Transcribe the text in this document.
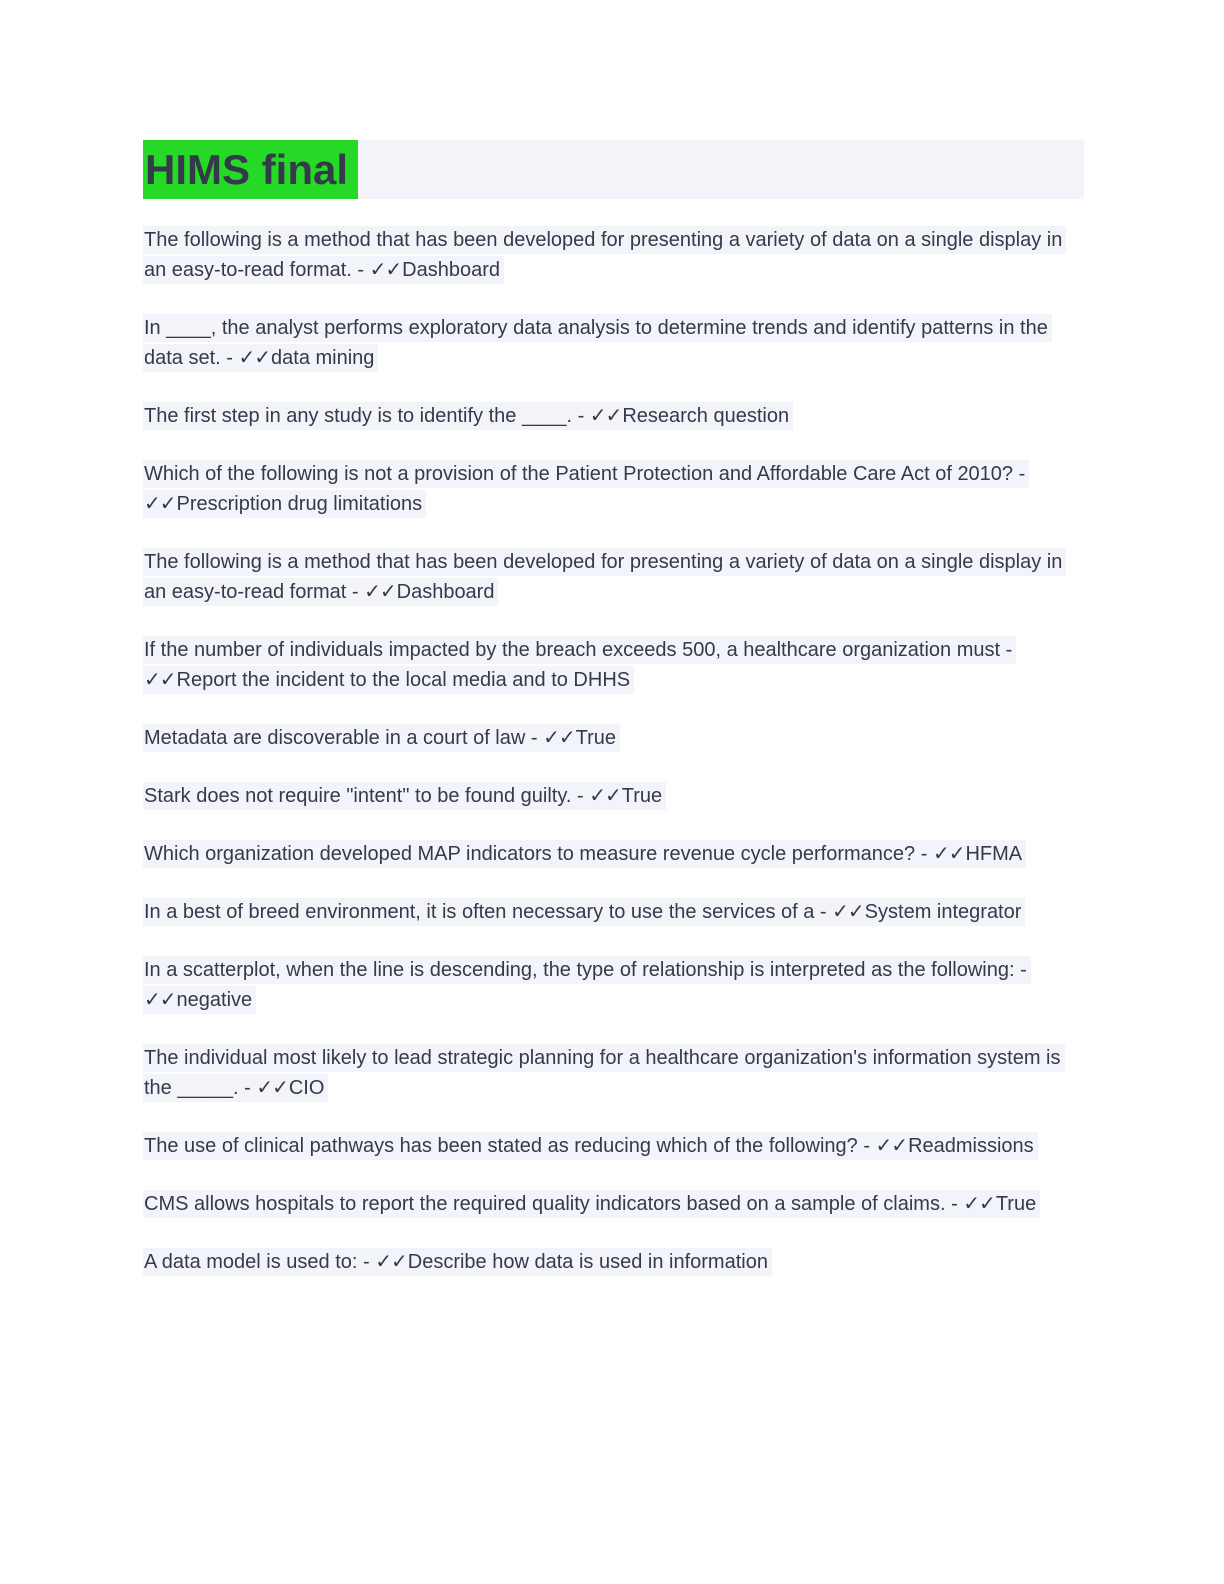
HIMS final

The following is a method that has been developed for presenting a variety of data on a single display in an easy-to-read format. - ✓✓Dashboard

In ____, the analyst performs exploratory data analysis to determine trends and identify patterns in the data set. - ✓✓data mining

The first step in any study is to identify the ____. - ✓✓Research question

Which of the following is not a provision of the Patient Protection and Affordable Care Act of 2010? - ✓✓Prescription drug limitations

The following is a method that has been developed for presenting a variety of data on a single display in an easy-to-read format - ✓✓Dashboard

If the number of individuals impacted by the breach exceeds 500, a healthcare organization must - ✓✓Report the incident to the local media and to DHHS

Metadata are discoverable in a court of law - ✓✓True

Stark does not require "intent" to be found guilty. - ✓✓True

Which organization developed MAP indicators to measure revenue cycle performance? - ✓✓HFMA

In a best of breed environment, it is often necessary to use the services of a - ✓✓System integrator

In a scatterplot, when the line is descending, the type of relationship is interpreted as the following: - ✓✓negative

The individual most likely to lead strategic planning for a healthcare organization's information system is the _____. - ✓✓CIO

The use of clinical pathways has been stated as reducing which of the following? - ✓✓Readmissions

CMS allows hospitals to report the required quality indicators based on a sample of claims. - ✓✓True

A data model is used to: - ✓✓Describe how data is used in information
